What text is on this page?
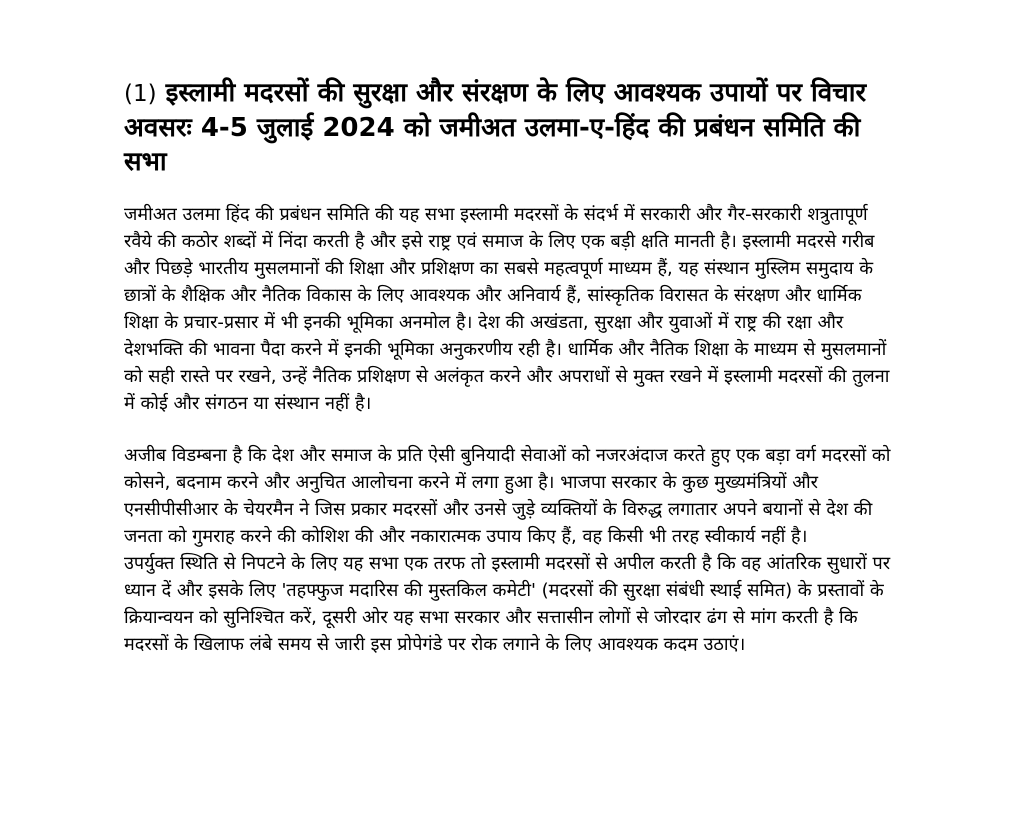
(1) इस्लामी मदरसों की सुरक्षा और संरक्षण के लिए आवश्यक उपायों पर विचार
अवसरः 4-5 जुलाई 2024 को जमीअत उलमा-ए-हिंद की प्रबंधन समिति की सभा

जमीअत उलमा हिंद की प्रबंधन समिति की यह सभा इस्लामी मदरसों के संदर्भ में सरकारी और गैर-सरकारी शत्रुतापूर्ण रवैये की कठोर शब्दों में निंदा करती है और इसे राष्ट्र एवं समाज के लिए एक बड़ी क्षति मानती है। इस्लामी मदरसे गरीब और पिछड़े भारतीय मुसलमानों की शिक्षा और प्रशिक्षण का सबसे महत्वपूर्ण माध्यम हैं, यह संस्थान मुस्लिम समुदाय के छात्रों के शैक्षिक और नैतिक विकास के लिए आवश्यक और अनिवार्य हैं, सांस्कृतिक विरासत के संरक्षण और धार्मिक शिक्षा के प्रचार-प्रसार में भी इनकी भूमिका अनमोल है। देश की अखंडता, सुरक्षा और युवाओं में राष्ट्र की रक्षा और देशभक्ति की भावना पैदा करने में इनकी भूमिका अनुकरणीय रही है। धार्मिक और नैतिक शिक्षा के माध्यम से मुसलमानों को सही रास्ते पर रखने, उन्हें नैतिक प्रशिक्षण से अलंकृत करने और अपराधों से मुक्त रखने में इस्लामी मदरसों की तुलना में कोई और संगठन या संस्थान नहीं है।

अजीब विडम्बना है कि देश और समाज के प्रति ऐसी बुनियादी सेवाओं को नजरअंदाज करते हुए एक बड़ा वर्ग मदरसों को कोसने, बदनाम करने और अनुचित आलोचना करने में लगा हुआ है। भाजपा सरकार के कुछ मुख्यमंत्रियों और एनसीपीसीआर के चेयरमैन ने जिस प्रकार मदरसों और उनसे जुड़े व्यक्तियों के विरुद्ध लगातार अपने बयानों से देश की जनता को गुमराह करने की कोशिश की और नकारात्मक उपाय किए हैं, वह किसी भी तरह स्वीकार्य नहीं है।

उपर्युक्त स्थिति से निपटने के लिए यह सभा एक तरफ तो इस्लामी मदरसों से अपील करती है कि वह आंतरिक सुधारों पर ध्यान दें और इसके लिए 'तहफ्फुज मदारिस की मुस्तकिल कमेटी' (मदरसों की सुरक्षा संबंधी स्थाई समित) के प्रस्तावों के क्रियान्वयन को सुनिश्चित करें, दूसरी ओर यह सभा सरकार और सत्तासीन लोगों से जोरदार ढंग से मांग करती है कि मदरसों के खिलाफ लंबे समय से जारी इस प्रोपेगंडे पर रोक लगाने के लिए आवश्यक कदम उठाएं।
